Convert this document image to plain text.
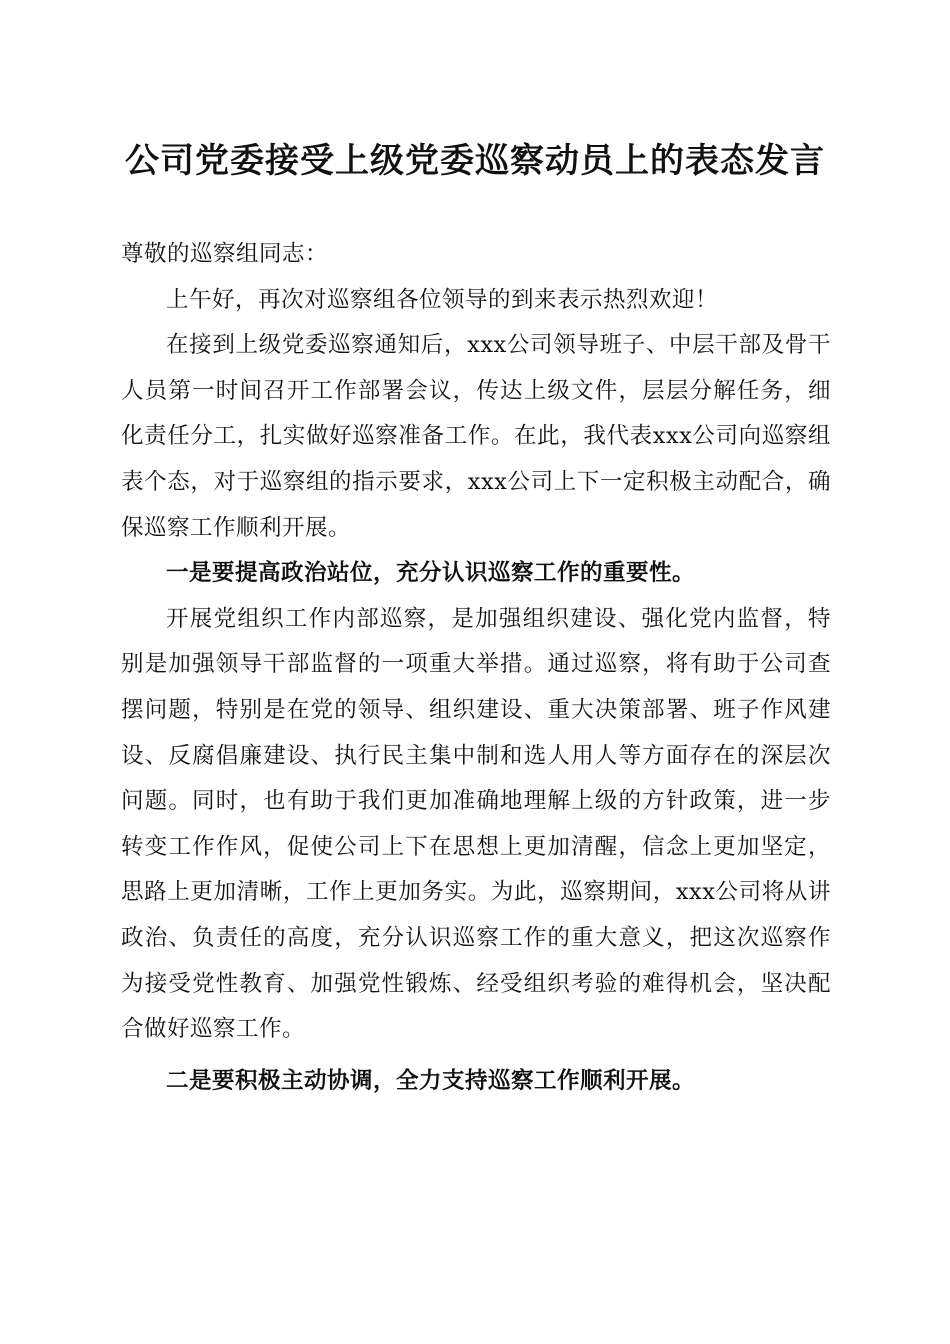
公司党委接受上级党委巡察动员上的表态发言

尊敬的巡察组同志：

上午好，再次对巡察组各位领导的到来表示热烈欢迎！

在接到上级党委巡察通知后，xxx公司领导班子、中层干部及骨干人员第一时间召开工作部署会议，传达上级文件，层层分解任务，细化责任分工，扎实做好巡察准备工作。在此，我代表xxx公司向巡察组表个态，对于巡察组的指示要求，xxx公司上下一定积极主动配合，确保巡察工作顺利开展。

一是要提高政治站位，充分认识巡察工作的重要性。

开展党组织工作内部巡察，是加强组织建设、强化党内监督，特别是加强领导干部监督的一项重大举措。通过巡察，将有助于公司查摆问题，特别是在党的领导、组织建设、重大决策部署、班子作风建设、反腐倡廉建设、执行民主集中制和选人用人等方面存在的深层次问题。同时，也有助于我们更加准确地理解上级的方针政策，进一步转变工作作风，促使公司上下在思想上更加清醒，信念上更加坚定，思路上更加清晰，工作上更加务实。为此，巡察期间，xxx公司将从讲政治、负责任的高度，充分认识巡察工作的重大意义，把这次巡察作为接受党性教育、加强党性锻炼、经受组织考验的难得机会，坚决配合做好巡察工作。

二是要积极主动协调，全力支持巡察工作顺利开展。
